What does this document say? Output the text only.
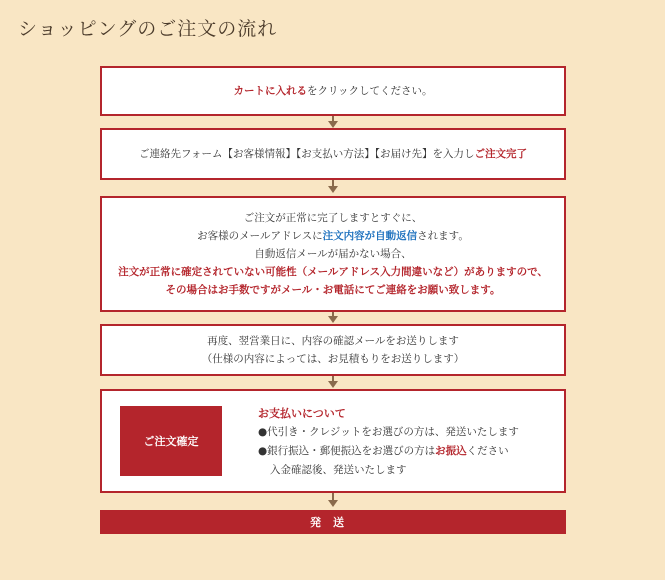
ショッピングのご注文の流れ
カートに入れるをクリックしてください。
ご連絡先フォーム【お客様情報】【お支払い方法】【お届け先】を入力しご注文完了
ご注文が正常に完了しますとすぐに、
お客様のメールアドレスに注文内容が自動返信されます。
自動返信メールが届かない場合、
注文が正常に確定されていない可能性（メールアドレス入力間違いなど）がありますので、
その場合はお手数ですがメール・お電話にてご連絡をお願い致します。
再度、翌営業日に、内容の確認メールをお送りします
（仕様の内容によっては、お見積もりをお送りします）
ご注文確定
お支払いについて
●代引き・クレジットをお選びの方は、発送いたします
●銀行振込・郵便振込をお選びの方はお振込ください
入金確認後、発送いたします
発送
